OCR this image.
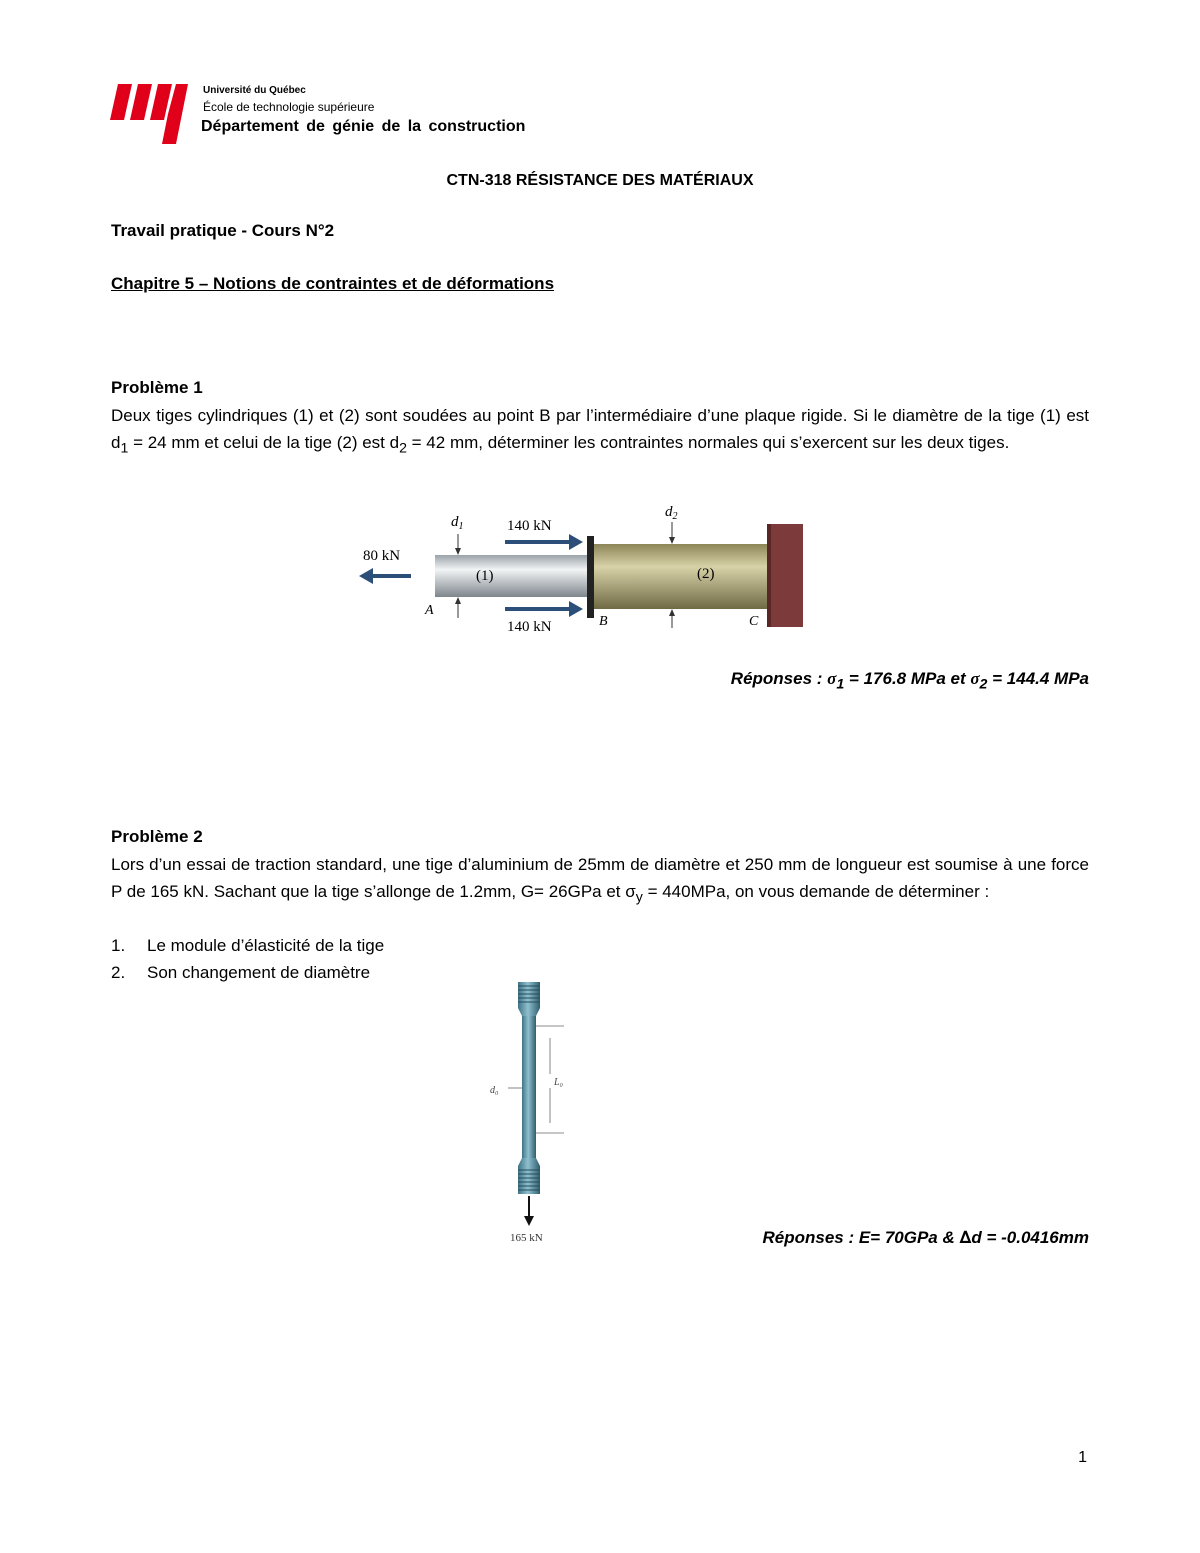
Université du Québec
École de technologie supérieure
Département de génie de la construction
CTN-318 RÉSISTANCE DES MATÉRIAUX
Travail pratique - Cours N°2
Chapitre 5 – Notions de contraintes et de déformations
Problème 1
Deux tiges cylindriques (1) et (2) sont soudées au point B par l’intermédiaire d’une plaque rigide. Si le diamètre de la tige (1) est $d_1 = 24$ mm et celui de la tige (2) est $d_2 = 42$ mm, déterminer les contraintes normales qui s’exercent sur les deux tiges.
80 kN
140 kN
140 kN
$d_1$
$d_2$
(1)	(2)
A
B	C
Réponses : $\sigma_1 = 176.8$ MPa et $\sigma_2 = 144.4$ MPa
Problème 2
Lors d’un essai de traction standard, une tige d’aluminium de 25mm de diamètre et 250 mm de longueur est soumise à une force P de 165 kN. Sachant que la tige s’allonge de 1.2mm, G= 26GPa et $\sigma_y = 440MPa$, on vous demande de déterminer :
1. Le module d’élasticité de la tige
2. Son changement de diamètre
d₀
L₀
165 kN	Réponses : E= 70GPa & ∆d = -0.0416mm
1
